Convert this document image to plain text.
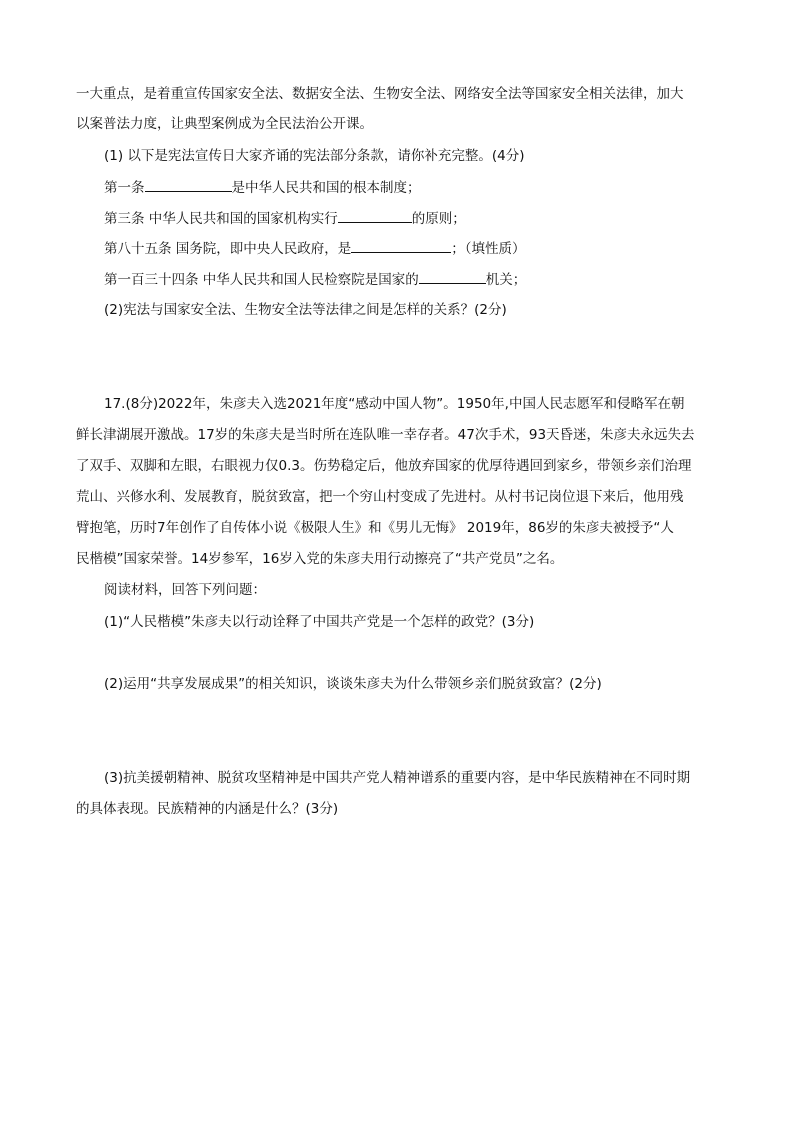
一大重点，是着重宣传国家安全法、数据安全法、生物安全法、网络安全法等国家安全相关法律，加大
以案普法力度，让典型案例成为全民法治公开课。
(1) 以下是宪法宣传日大家齐诵的宪法部分条款，请你补充完整。(4分)
第一条	是中华人民共和国的根本制度；
第三条 中华人民共和国的国家机构实行	的原则；
第八十五条 国务院，即中央人民政府，是	；（填性质）
第一百三十四条 中华人民共和国人民检察院是国家的	机关；
(2)宪法与国家安全法、生物安全法等法律之间是怎样的关系？(2分)
17.(8分)2022年，朱彦夫入选2021年度“感动中国人物”。1950年,中国人民志愿军和侵略军在朝
鲜长津湖展开激战。17岁的朱彦夫是当时所在连队唯一幸存者。47次手术，93天昏迷，朱彦夫永远失去
了双手、双脚和左眼，右眼视力仅0.3。伤势稳定后，他放弃国家的优厚待遇回到家乡，带领乡亲们治理
荒山、兴修水利、发展教育，脱贫致富，把一个穷山村变成了先进村。从村书记岗位退下来后，他用残
臂抱笔，历时7年创作了自传体小说《极限人生》和《男儿无悔》 2019年，86岁的朱彦夫被授予“人
民楷模”国家荣誉。14岁参军，16岁入党的朱彦夫用行动擦亮了“共产党员”之名。
阅读材料，回答下列问题：
(1)“人民楷模”朱彦夫以行动诠释了中国共产党是一个怎样的政党？(3分)
(2)运用“共享发展成果”的相关知识，谈谈朱彦夫为什么带领乡亲们脱贫致富？(2分)
(3)抗美援朝精神、脱贫攻坚精神是中国共产党人精神谱系的重要内容，是中华民族精神在不同时期
的具体表现。民族精神的内涵是什么？(3分)
